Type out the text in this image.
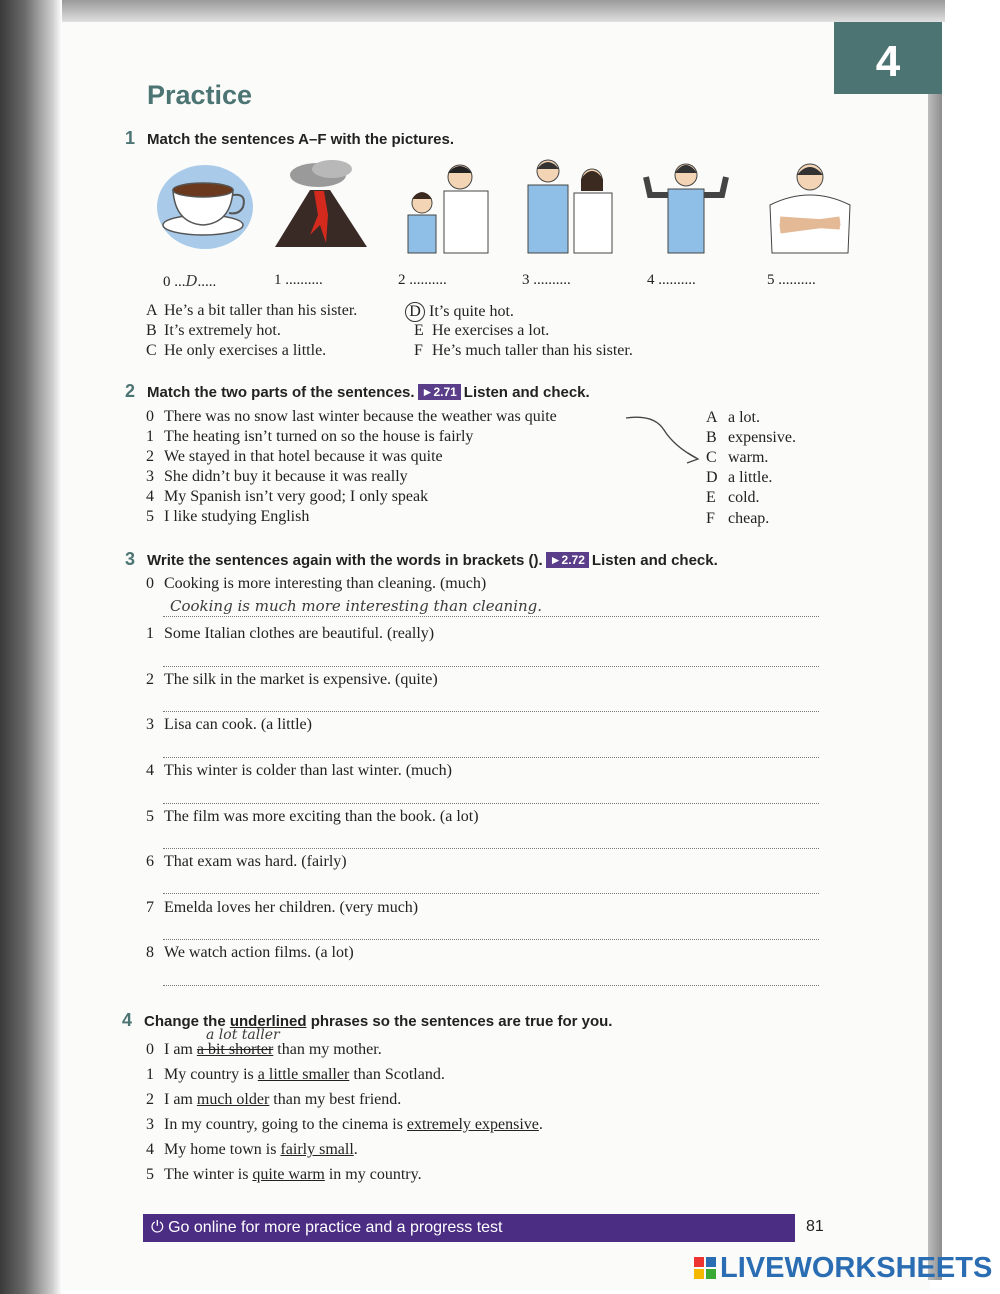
4
Practice
1 Match the sentences A–F with the pictures.
0 ...D.....	1 ..........	2 ..........	3 ..........	4 ..........	5 ..........
A He’s a bit taller than his sister.
B It’s extremely hot.
C He only exercises a little.
D It’s quite hot.
E He exercises a lot.
F He’s much taller than his sister.
2 Match the two parts of the sentences. ►2.71 Listen and check.
0 There was no snow last winter because the weather was quite
1 The heating isn’t turned on so the house is fairly
2 We stayed in that hotel because it was quite
3 She didn’t buy it because it was really
4 My Spanish isn’t very good; I only speak
5 I like studying English
A a lot.
B expensive.
C warm.
D a little.
E cold.
F cheap.
3 Write the sentences again with the words in brackets (). ►2.72 Listen and check.
0 Cooking is more interesting than cleaning. (much)
Cooking is much more interesting than cleaning.
1 Some Italian clothes are beautiful. (really)
2 The silk in the market is expensive. (quite)
3 Lisa can cook. (a little)
4 This winter is colder than last winter. (much)
5 The film was more exciting than the book. (a lot)
6 That exam was hard. (fairly)
7 Emelda loves her children. (very much)
8 We watch action films. (a lot)
4 Change the underlined phrases so the sentences are true for you.
a lot taller
0 I am a bit shorter than my mother.
1 My country is a little smaller than Scotland.
2 I am much older than my best friend.
3 In my country, going to the cinema is extremely expensive.
4 My home town is fairly small.
5 The winter is quite warm in my country.
⏻ Go online for more practice and a progress test	81
LIVEWORKSHEETS
